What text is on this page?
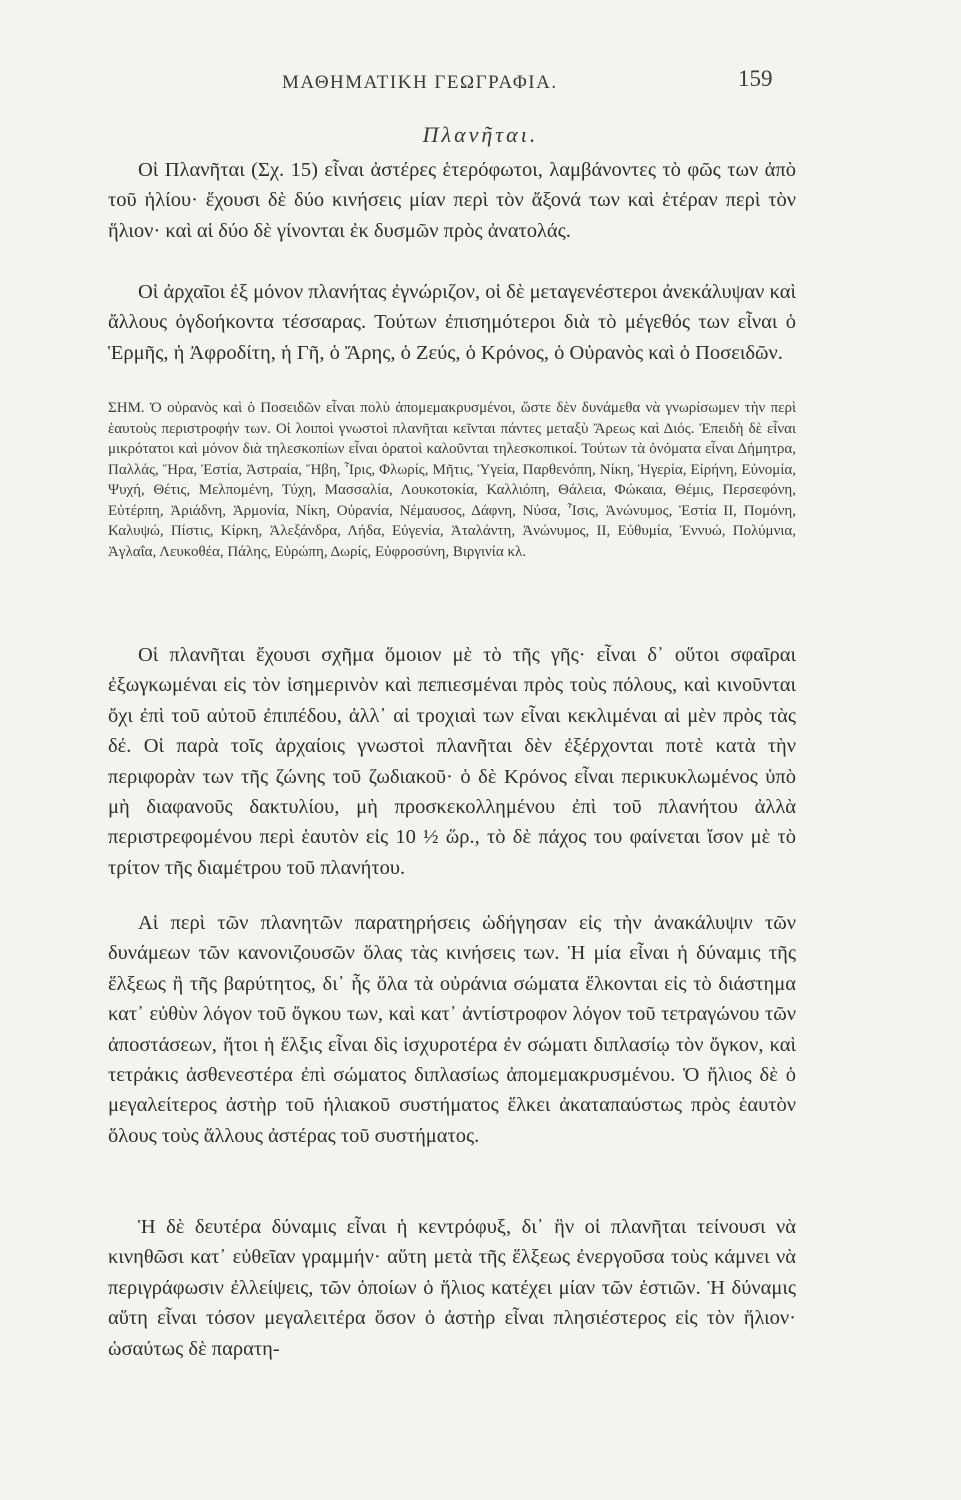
ΜΑΘΗΜΑΤΙΚΗ ΓΕΩΓΡΑΦΙΑ.	159
Πλανῆται.

Οἱ Πλανῆται (Σχ. 15) εἶναι ἀστέρες ἑτερόφωτοι, λαμβάνοντες τὸ φῶς των ἀπὸ τοῦ ἡλίου· ἔχουσι δὲ δύο κινήσεις μίαν περὶ τὸν ἄξονά των καὶ ἑτέραν περὶ τὸν ἥλιον· καὶ αἱ δύο δὲ γίνονται ἐκ δυσμῶν πρὸς ἀνατολάς.

Οἱ ἀρχαῖοι ἐξ μόνον πλανήτας ἐγνώριζον, οἱ δὲ μεταγενέστεροι ἀνεκάλυψαν καὶ ἄλλους ὀγδοήκοντα τέσσαρας. Τούτων ἐπισημότεροι διὰ τὸ μέγεθός των εἶναι ὁ Ἑρμῆς, ἡ Ἀφροδίτη, ἡ Γῆ, ὁ Ἄρης, ὁ Ζεύς, ὁ Κρόνος, ὁ Οὐρανὸς καὶ ὁ Ποσειδῶν.

ΣΗΜ. Ὁ οὐρανὸς καὶ ὁ Ποσειδῶν εἶναι πολὺ ἀπομεμακρυσμένοι, ὥστε δὲν δυνάμεθα νὰ γνωρίσωμεν τὴν περὶ ἑαυτοὺς περιστροφήν των. Οἱ λοιποὶ γνωστοὶ πλανῆται κεῖνται πάντες μεταξὺ Ἄρεως καὶ Διός. Ἐπειδὴ δὲ εἶναι μικρότατοι καὶ μόνον διὰ τηλεσκοπίων εἶναι ὁρατοὶ καλοῦνται τηλεσκοπικοί. Τούτων τὰ ὀνόματα εἶναι Δήμητρα, Παλλάς, Ἥρα, Ἑστία, Ἀστραία, Ἥβη, Ἶρις, Φλωρίς, Μῆτις, Ὑγεία, Παρθενόπη, Νίκη, Ἠγερία, Εἰρήνη, Εὐνομία, Ψυχή, Θέτις, Μελπομένη, Τύχη, Μασσαλία, Λουκοτοκία, Καλλιόπη, Θάλεια, Φώκαια, Θέμις, Περσεφόνη, Εὐτέρπη, Ἀριάδνη, Ἁρμονία, Νίκη, Οὐρανία, Νέμαυσος, Δάφνη, Νύσα, Ἶσις, Ἀνώνυμος, Ἑστία ΙΙ, Πομόνη, Καλυψώ, Πίστις, Κίρκη, Ἀλεξάνδρα, Λήδα, Εὐγενία, Ἀταλάντη, Ἀνώνυμος, ΙΙ, Εὐθυμία, Ἐννυώ, Πολύμνια, Ἀγλαΐα, Λευκοθέα, Πάλης, Εὐρώπη, Δωρίς, Εὐφροσύνη, Βιργινία κλ.

Οἱ πλανῆται ἔχουσι σχῆμα ὅμοιον μὲ τὸ τῆς γῆς· εἶναι δ᾽ οὕτοι σφαῖραι ἐξωγκωμέναι εἰς τὸν ἰσημερινὸν καὶ πεπιεσμέναι πρὸς τοὺς πόλους, καὶ κινοῦνται ὄχι ἐπὶ τοῦ αὐτοῦ ἐπιπέδου, ἀλλ᾽ αἱ τροχιαὶ των εἶναι κεκλιμέναι αἱ μὲν πρὸς τὰς δέ. Οἱ παρὰ τοῖς ἀρχαίοις γνωστοὶ πλανῆται δὲν ἐξέρχονται ποτὲ κατὰ τὴν περιφορὰν των τῆς ζώνης τοῦ ζωδιακοῦ· ὁ δὲ Κρόνος εἶναι περικυκλωμένος ὑπὸ μὴ διαφανοῦς δακτυλίου, μὴ προσκεκολλημένου ἐπὶ τοῦ πλανήτου ἀλλὰ περιστρεφομένου περὶ ἑαυτὸν εἰς 10 ½ ὥρ., τὸ δὲ πάχος του φαίνεται ἴσον μὲ τὸ τρίτον τῆς διαμέτρου τοῦ πλανήτου.

Αἱ περὶ τῶν πλανητῶν παρατηρήσεις ὡδήγησαν εἰς τὴν ἀνακάλυψιν τῶν δυνάμεων τῶν κανονιζουσῶν ὅλας τὰς κινήσεις των. Ἡ μία εἶναι ἡ δύναμις τῆς ἕλξεως ἢ τῆς βαρύτητος, δι᾽ ἧς ὅλα τὰ οὐράνια σώματα ἕλκονται εἰς τὸ διάστημα κατ᾽ εὐθὺν λόγον τοῦ ὄγκου των, καὶ κατ᾽ ἀντίστροφον λόγον τοῦ τετραγώνου τῶν ἀποστάσεων, ἤτοι ἡ ἕλξις εἶναι δὶς ἰσχυροτέρα ἐν σώματι διπλασίῳ τὸν ὄγκον, καὶ τετράκις ἀσθενεστέρα ἐπὶ σώματος διπλασίως ἀπομεμακρυσμένου. Ὁ ἥλιος δὲ ὁ μεγαλείτερος ἀστὴρ τοῦ ἡλιακοῦ συστήματος ἕλκει ἀκαταπαύστως πρὸς ἑαυτὸν ὅλους τοὺς ἄλλους ἀστέρας τοῦ συστήματος.

Ἡ δὲ δευτέρα δύναμις εἶναι ἡ κεντρόφυξ, δι᾽ ἣν οἱ πλανῆται τείνουσι νὰ κινηθῶσι κατ᾽ εὐθεῖαν γραμμήν· αὕτη μετὰ τῆς ἕλξεως ἐνεργοῦσα τοὺς κάμνει νὰ περιγράφωσιν ἐλλείψεις, τῶν ὁποίων ὁ ἥλιος κατέχει μίαν τῶν ἑστιῶν. Ἡ δύναμις αὕτη εἶναι τόσον μεγαλειτέρα ὅσον ὁ ἀστὴρ εἶναι πλησιέστερος εἰς τὸν ἥλιον· ὡσαύτως δὲ παρατη-
